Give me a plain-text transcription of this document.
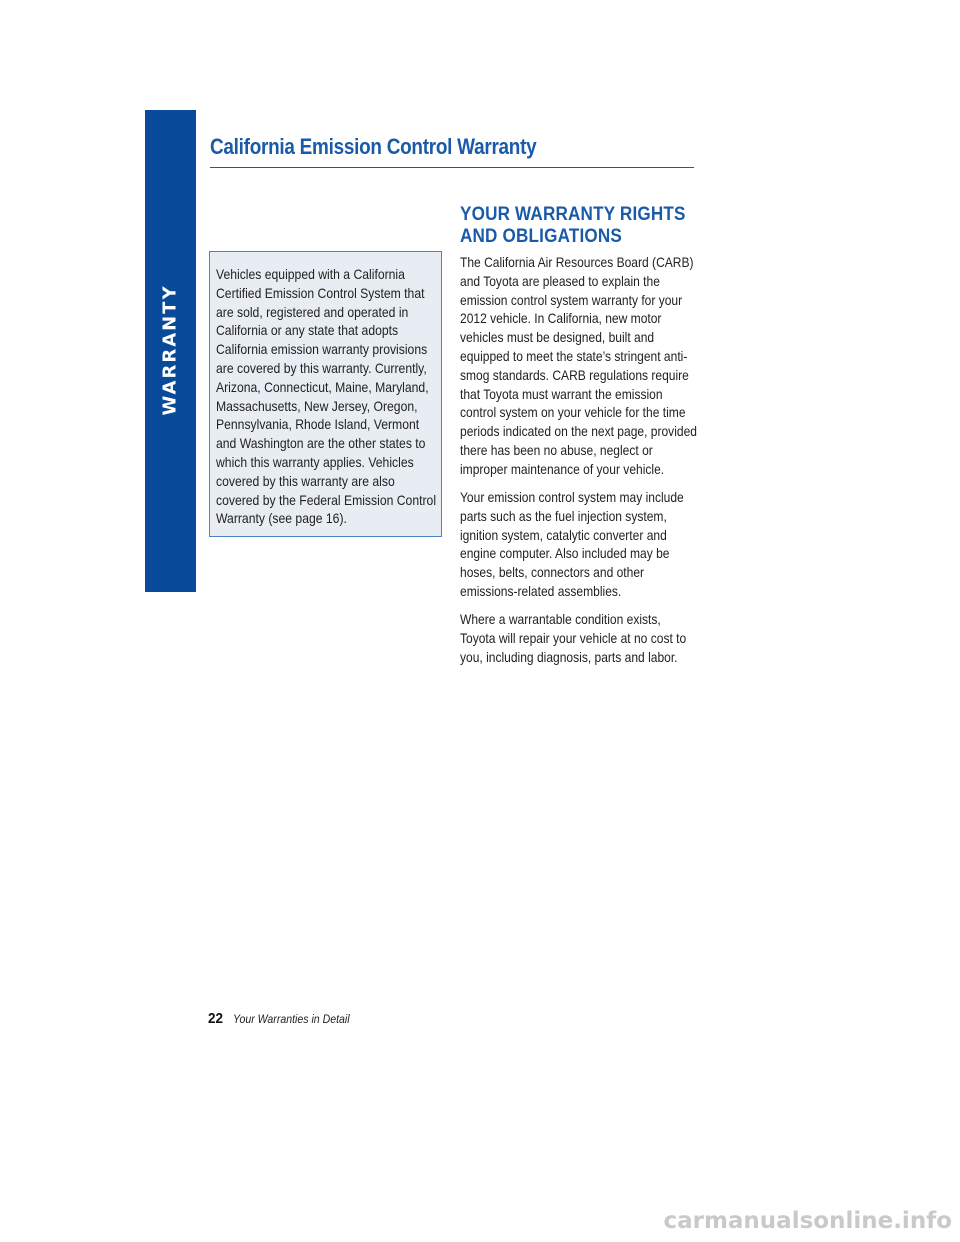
WARRANTY
California Emission Control Warranty

Vehicles equipped with a California Certified Emission Control System that are sold, registered and operated in California or any state that adopts California emission warranty provisions are covered by this warranty. Currently, Arizona, Connecticut, Maine, Maryland, Massachusetts, New Jersey, Oregon, Pennsylvania, Rhode Island, Vermont and Washington are the other states to which this warranty applies. Vehicles covered by this warranty are also covered by the Federal Emission Control Warranty (see page 16).

YOUR WARRANTY RIGHTS AND OBLIGATIONS

The California Air Resources Board (CARB) and Toyota are pleased to explain the emission control system warranty for your 2012 vehicle. In California, new motor vehicles must be designed, built and equipped to meet the state’s stringent anti-smog standards. CARB regulations require that Toyota must warrant the emission control system on your vehicle for the time periods indicated on the next page, provided there has been no abuse, neglect or improper maintenance of your vehicle.

Your emission control system may include parts such as the fuel injection system, ignition system, catalytic converter and engine computer. Also included may be hoses, belts, connectors and other emissions-related assemblies.

Where a warrantable condition exists, Toyota will repair your vehicle at no cost to you, including diagnosis, parts and labor.

22 Your Warranties in Detail
carmanualsonline.info
